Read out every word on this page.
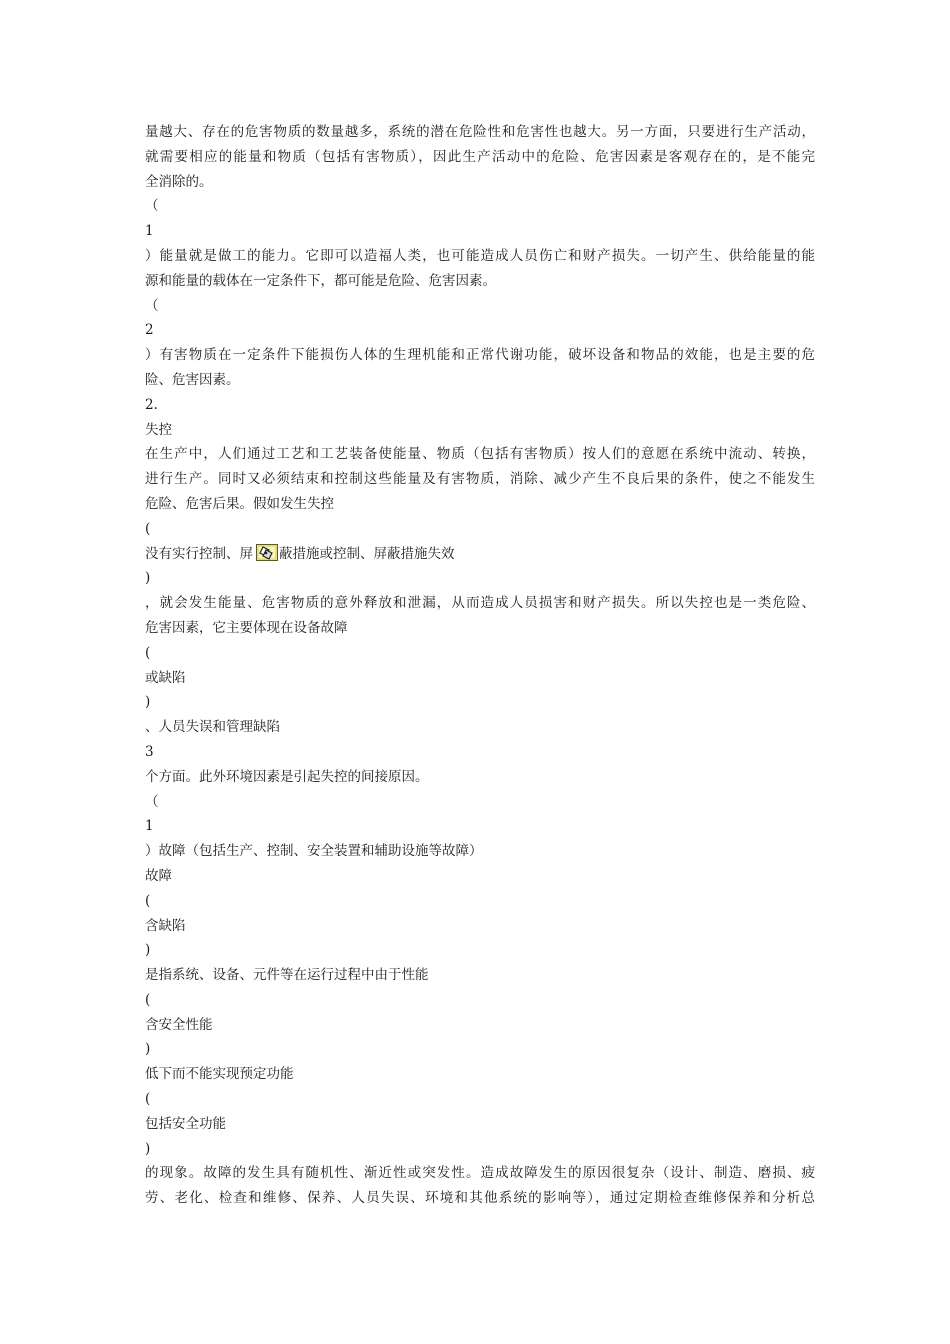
量越大、存在的危害物质的数量越多，系统的潜在危险性和危害性也越大。另一方面，只要进行生产活动，
就需要相应的能量和物质（包括有害物质），因此生产活动中的危险、危害因素是客观存在的，是不能完
全消除的。
（
1
）能量就是做工的能力。它即可以造福人类，也可能造成人员伤亡和财产损失。一切产生、供给能量的能
源和能量的载体在一定条件下，都可能是危险、危害因素。
（
2
）有害物质在一定条件下能损伤人体的生理机能和正常代谢功能，破坏设备和物品的效能，也是主要的危
险、危害因素。
2.
失控
在生产中，人们通过工艺和工艺装备使能量、物质（包括有害物质）按人们的意愿在系统中流动、转换，
进行生产。同时又必须结束和控制这些能量及有害物质，消除、减少产生不良后果的条件，使之不能发生
危险、危害后果。假如发生失控
(
没有实行控制、屏 蔽措施或控制、屏蔽措施失效
)
，就会发生能量、危害物质的意外释放和泄漏，从而造成人员损害和财产损失。所以失控也是一类危险、
危害因素，它主要体现在设备故障
(
或缺陷
)
、人员失误和管理缺陷
3
个方面。此外环境因素是引起失控的间接原因。
（
1
）故障（包括生产、控制、安全装置和辅助设施等故障）
故障
(
含缺陷
)
是指系统、设备、元件等在运行过程中由于性能
(
含安全性能
)
低下而不能实现预定功能
(
包括安全功能
)
的现象。故障的发生具有随机性、渐近性或突发性。造成故障发生的原因很复杂（设计、制造、磨损、疲
劳、老化、检查和维修、保养、人员失误、环境和其他系统的影响等），通过定期检查维修保养和分析总
